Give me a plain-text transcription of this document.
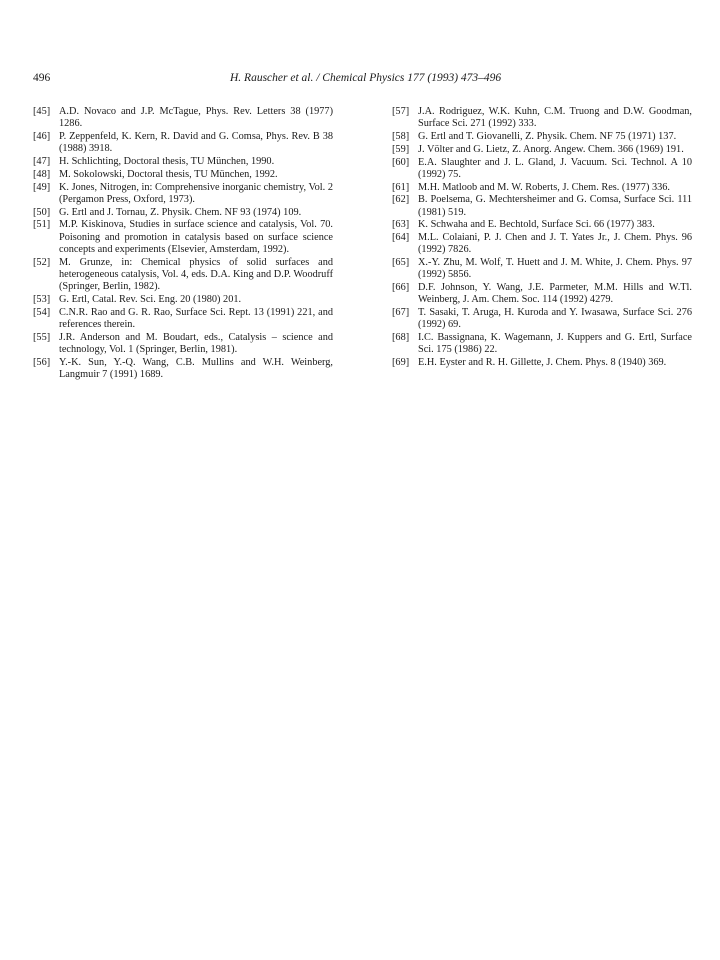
496	H. Rauscher et al. / Chemical Physics 177 (1993) 473–496
[45] A.D. Novaco and J.P. McTague, Phys. Rev. Letters 38 (1977) 1286.
[46] P. Zeppenfeld, K. Kern, R. David and G. Comsa, Phys. Rev. B 38 (1988) 3918.
[47] H. Schlichting, Doctoral thesis, TU München, 1990.
[48] M. Sokolowski, Doctoral thesis, TU München, 1992.
[49] K. Jones, Nitrogen, in: Comprehensive inorganic chemistry, Vol. 2 (Pergamon Press, Oxford, 1973).
[50] G. Ertl and J. Tornau, Z. Physik. Chem. NF 93 (1974) 109.
[51] M.P. Kiskinova, Studies in surface science and catalysis, Vol. 70. Poisoning and promotion in catalysis based on surface science concepts and experiments (Elsevier, Amsterdam, 1992).
[52] M. Grunze, in: Chemical physics of solid surfaces and heterogeneous catalysis, Vol. 4, eds. D.A. King and D.P. Woodruff (Springer, Berlin, 1982).
[53] G. Ertl, Catal. Rev. Sci. Eng. 20 (1980) 201.
[54] C.N.R. Rao and G. R. Rao, Surface Sci. Rept. 13 (1991) 221, and references therein.
[55] J.R. Anderson and M. Boudart, eds., Catalysis – science and technology, Vol. 1 (Springer, Berlin, 1981).
[56] Y.-K. Sun, Y.-Q. Wang, C.B. Mullins and W.H. Weinberg, Langmuir 7 (1991) 1689.
[57] J.A. Rodriguez, W.K. Kuhn, C.M. Truong and D.W. Goodman, Surface Sci. 271 (1992) 333.
[58] G. Ertl and T. Giovanelli, Z. Physik. Chem. NF 75 (1971) 137.
[59] J. Völter and G. Lietz, Z. Anorg. Angew. Chem. 366 (1969) 191.
[60] E.A. Slaughter and J. L. Gland, J. Vacuum. Sci. Technol. A 10 (1992) 75.
[61] M.H. Matloob and M. W. Roberts, J. Chem. Res. (1977) 336.
[62] B. Poelsema, G. Mechtersheimer and G. Comsa, Surface Sci. 111 (1981) 519.
[63] K. Schwaha and E. Bechtold, Surface Sci. 66 (1977) 383.
[64] M.L. Colaiani, P. J. Chen and J. T. Yates Jr., J. Chem. Phys. 96 (1992) 7826.
[65] X.-Y. Zhu, M. Wolf, T. Huett and J. M. White, J. Chem. Phys. 97 (1992) 5856.
[66] D.F. Johnson, Y. Wang, J.E. Parmeter, M.M. Hills and W.Tl. Weinberg, J. Am. Chem. Soc. 114 (1992) 4279.
[67] T. Sasaki, T. Aruga, H. Kuroda and Y. Iwasawa, Surface Sci. 276 (1992) 69.
[68] I.C. Bassignana, K. Wagemann, J. Kuppers and G. Ertl, Surface Sci. 175 (1986) 22.
[69] E.H. Eyster and R. H. Gillette, J. Chem. Phys. 8 (1940) 369.
